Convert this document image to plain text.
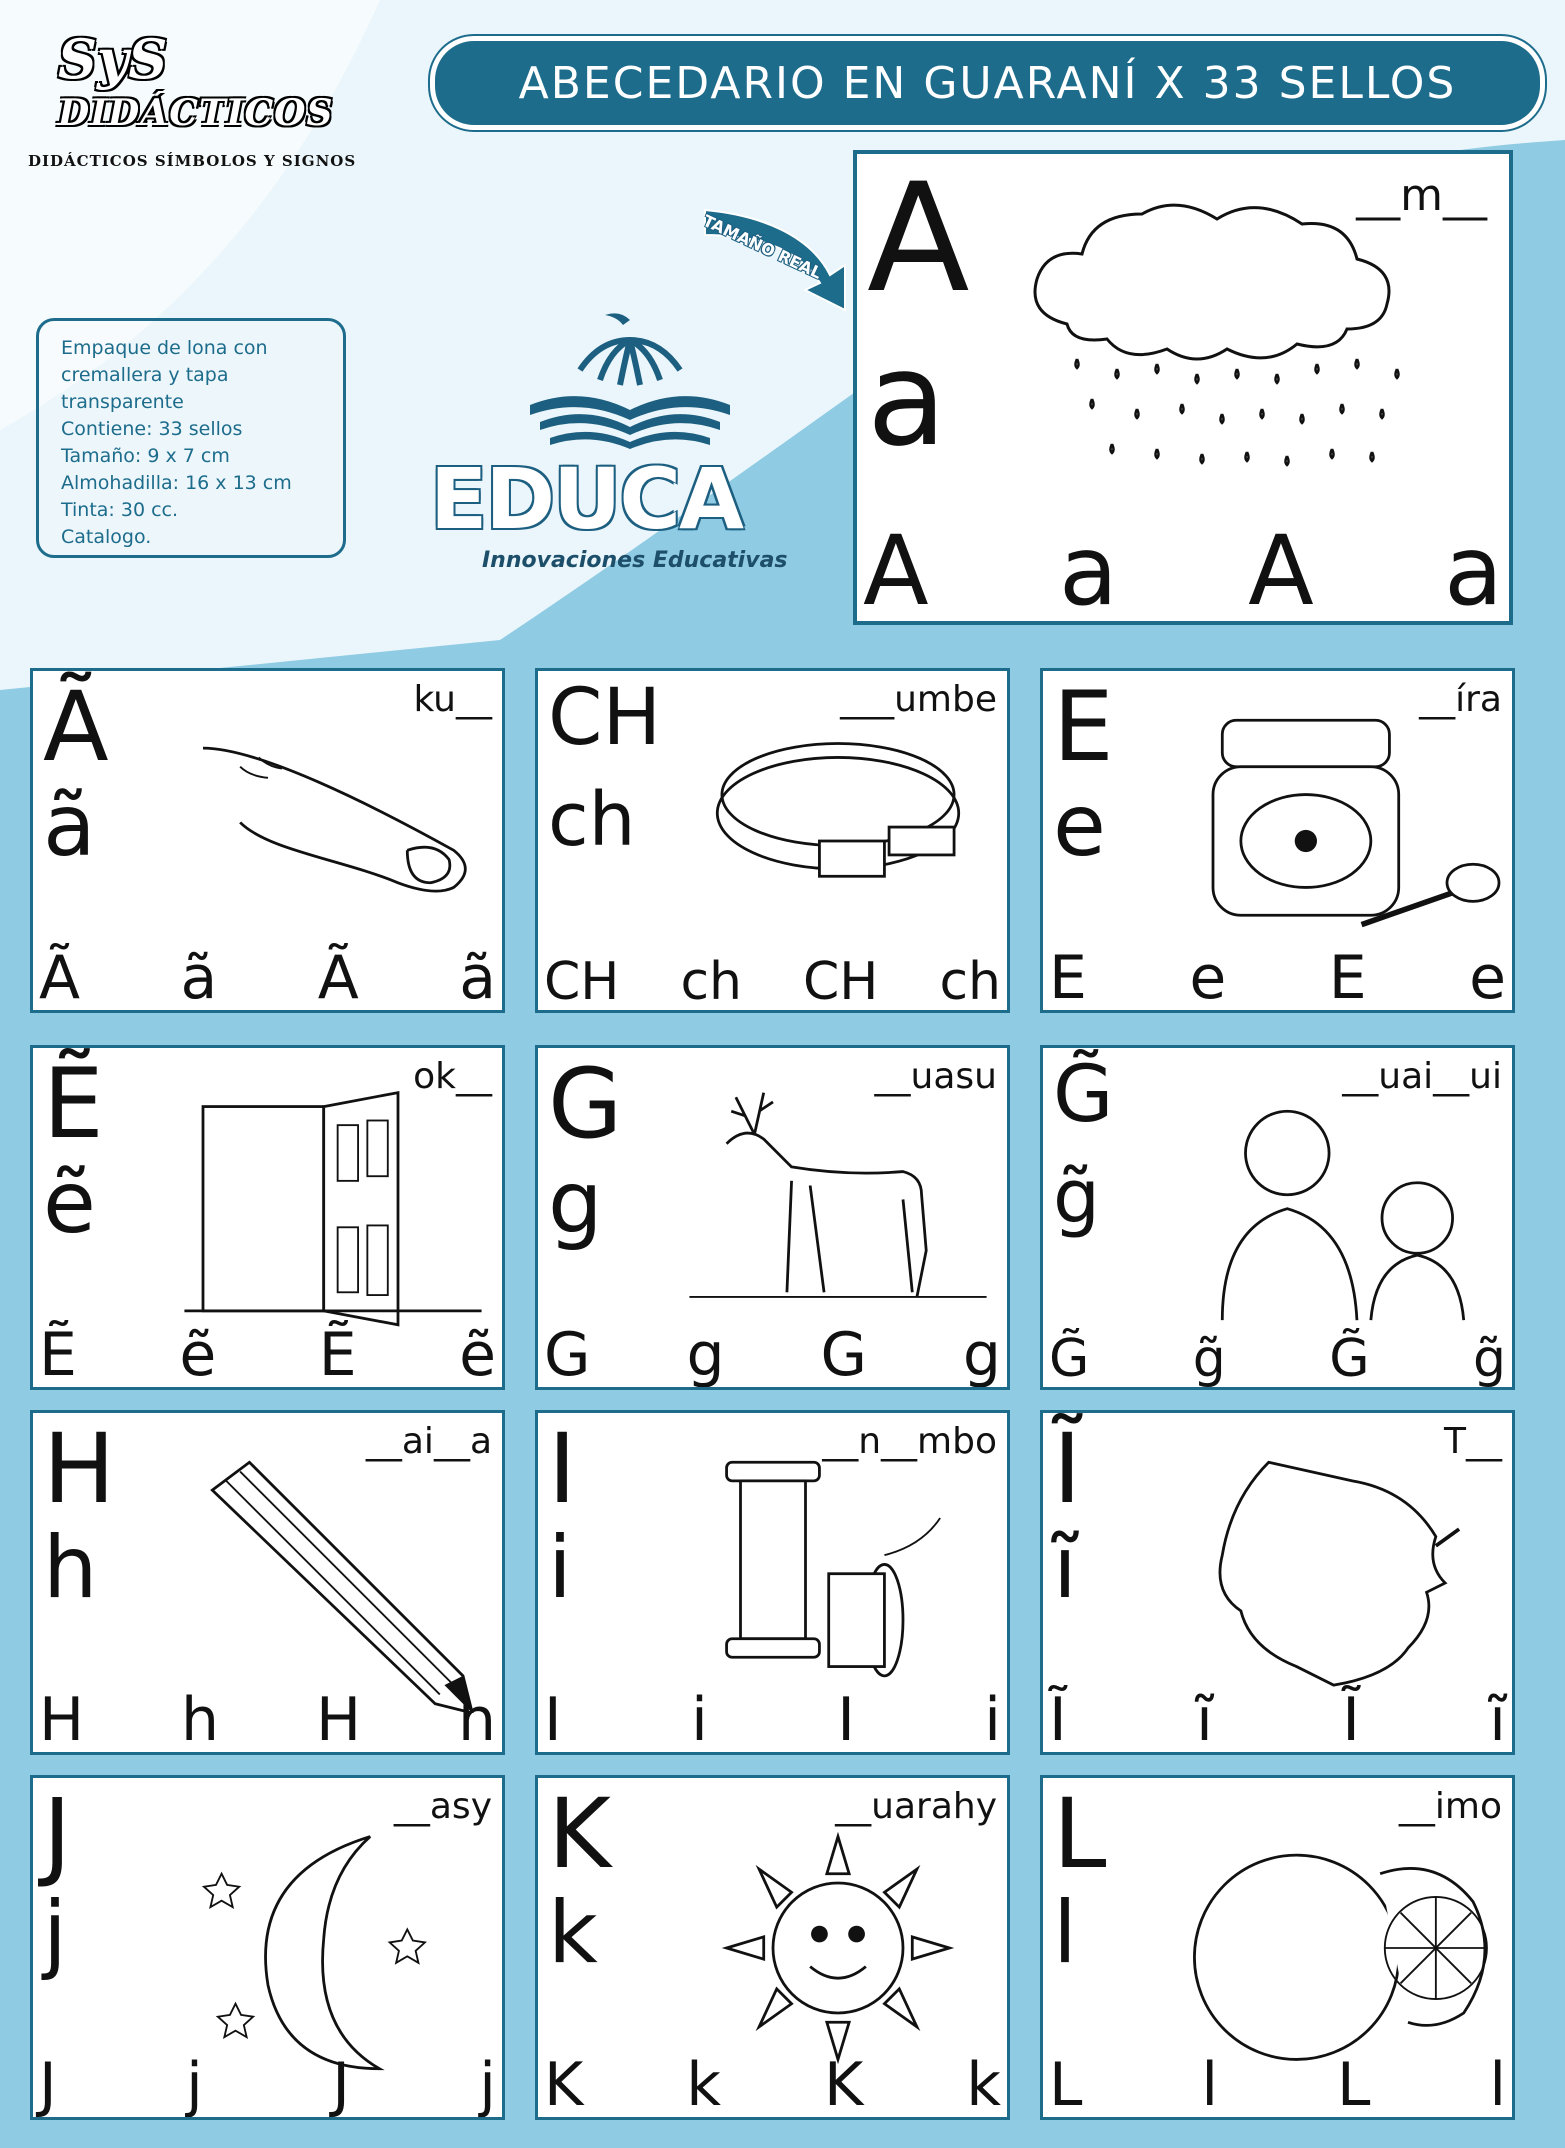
SyS
DIDÁCTICOS
DIDÁCTICOS SÍMBOLOS Y SIGNOS
ABECEDARIO EN GUARANÍ X 33 SELLOS
Empaque de lona con
cremallera y tapa
transparente
Contiene: 33 sellos
Tamaño: 9 x 7 cm
Almohadilla: 16 x 13 cm
Tinta: 30 cc.
Catalogo.	EDUCA
Innovaciones Educativas
TAMAÑO REAL A
a
__m__
A a A a
Ã
ã
ku__
Ã ã Ã ã
CH
ch
___umbe
CH ch CH ch
E
e
__íra
E e E e
Ẽ
ẽ
ok__
Ẽ ẽ Ẽ ẽ
G
g
__uasu
G g G g
G̃
g̃
__uai__ui
G̃ g̃ G̃ g̃
H
h
__ai__a
H h H h
I
i
__n__mbo
I i I i
Ĩ
ĩ
T__
Ĩ ĩ Ĩ ĩ
J
j
__asy
J j J j
K
k
__uarahy
K k K k
L
l
__imo
L l L l
